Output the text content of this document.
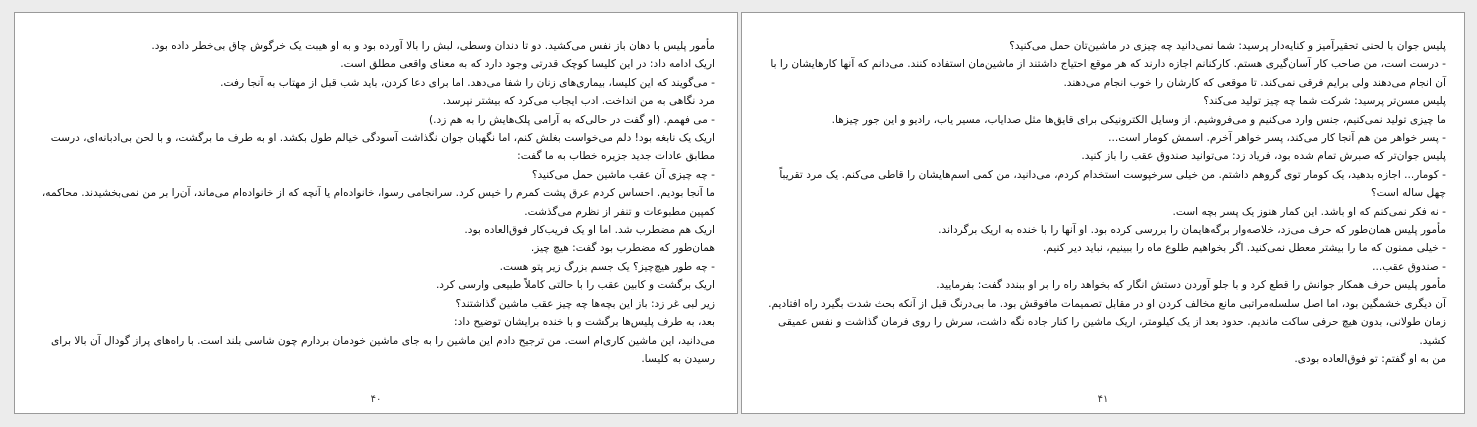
مأمور پلیس با دهان باز نفس می‌کشید. دو تا دندان وسطی، لبش را بالا آورده بود و به او هیبت یک خرگوش چاق بی‌خطر داده بود.

اریک ادامه داد: در این کلیسا کوچک قدرتی وجود دارد که به معنای واقعی مطلق است.

- می‌گویند که این کلیسا، بیماری‌های زنان را شفا می‌دهد. اما برای دعا کردن، باید شب قبل از مهتاب به آنجا رفت.

مرد نگاهی به من انداخت. ادب ایجاب می‌کرد که بیشتر نپرسد.

- می فهمم. (او گفت در حالی‌که به آرامی پلک‌هایش را به هم زد.)

اریک یک نابغه بود! دلم می‌خواست بغلش کنم، اما نگهبان جوان نگذاشت آسودگی خیالم طول بکشد. او به طرف ما برگشت، و با لحن بی‌ادبانه‌ای، درست مطابق عادات جدید جزیره خطاب به ما گفت:

- چه چیزی آن عقب ماشین حمل می‌کنید؟

ما آنجا بودیم. احساس کردم عرق پشت کمرم را خیس کرد. سرانجامی رسوا، خانواده‌ام یا آنچه که از خانواده‌ام می‌ماند، آن‌را بر من نمی‌بخشیدند. محاکمه، کمپین مطبوعات و تنفر از نظرم می‌گذشت.

اریک هم مضطرب شد. اما او یک فریب‌کار فوق‌العاده بود.

همان‌طور که مضطرب بود گفت: هیچ چیز.

- چه طور هیچ‌چیز؟ یک جسم بزرگ زیر پتو هست.

اریک برگشت و کابین عقب را با حالتی کاملاً طبیعی وارسی کرد.

زیر لبی غر زد: باز این بچه‌ها چه چیز عقب ماشین گذاشتند؟

بعد، به طرف پلیس‌ها برگشت و با خنده برایشان توضیح داد:

می‌دانید، این ماشین کاری‌ام است. من ترجیح دادم این ماشین را به جای ماشین خودمان بردارم چون شاسی بلند است. با راه‌های پراز گودال آن بالا برای رسیدن به کلیسا.

۴۰

پلیس جوان با لحنی تحقیرآمیز و کنایه‌دار پرسید: شما نمی‌دانید چه چیزی در ماشین‌تان حمل می‌کنید؟

- درست است، من صاحب کار آسان‌گیری هستم. کارکنانم اجازه دارند که هر موقع احتیاج داشتند از ماشین‌مان استفاده کنند. می‌دانم که آنها کارهایشان را با آن انجام می‌دهند ولی برایم فرقی نمی‌کند. تا موقعی که کارشان را خوب انجام می‌دهند.

پلیس مسن‌تر پرسید: شرکت شما چه چیز تولید می‌کند؟

ما چیزی تولید نمی‌کنیم، جنس وارد می‌کنیم و می‌فروشیم. از وسایل الکترونیکی برای قایق‌ها مثل صدایاب، مسیر یاب، رادیو و این جور چیزها.

- پسر خواهر من هم آنجا کار می‌کند، پسر خواهر آخرم. اسمش کومار است...

پلیس جوان‌تر که صبرش تمام شده بود، فریاد زد: می‌توانید صندوق عقب را باز کنید.

- کومار... اجازه بدهید، یک کومار توی گروهم داشتم. من خیلی سرخپوست استخدام کردم، می‌دانید، من کمی اسم‌هایشان را قاطی می‌کنم. یک مرد تقریباً چهل ساله است؟

- نه فکر نمی‌کنم که او باشد. این کمار هنوز یک پسر بچه است.

مأمور پلیس همان‌طور که حرف می‌زد، خلاصه‌وار برگه‌هایمان را بررسی کرده بود. او آنها را با خنده به اریک برگرداند.

- خیلی ممنون که ما را بیشتر معطل نمی‌کنید. اگر بخواهیم طلوع ماه را ببینیم، نباید دیر کنیم.

- صندوق عقب...

مأمور پلیس حرف همکار جوانش را قطع کرد و با جلو آوردن دستش انگار که بخواهد راه را بر او ببندد گفت: بفرمایید.

آن دیگری خشمگین بود، اما اصل سلسله‌مراتبی مانع مخالف کردن او در مقابل تصمیمات مافوقش بود. ما بی‌درنگ قبل از آنکه بحث شدت بگیرد راه افتادیم.

زمان طولانی، بدون هیچ حرفی ساکت ماندیم. حدود بعد از یک کیلومتر، اریک ماشین را کنار جاده نگه داشت، سرش را روی فرمان گذاشت و نفس عمیقی کشید.

من به او گفتم: تو فوق‌العاده بودی.

۴۱
